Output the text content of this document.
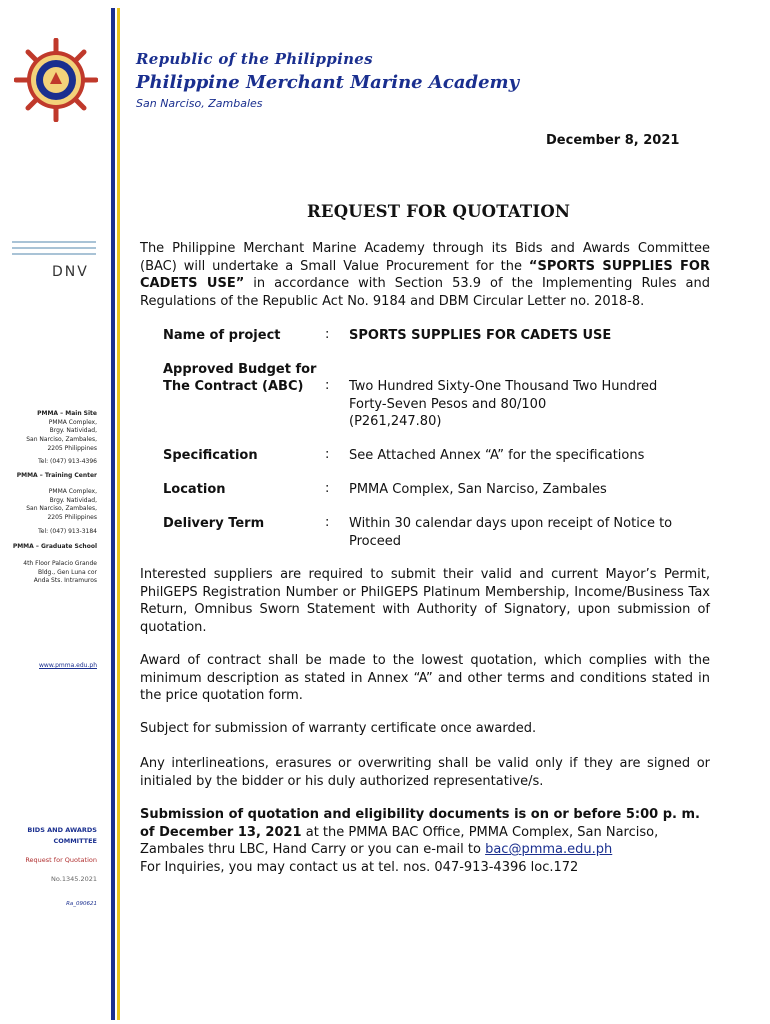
Republic of the Philippines
Philippine Merchant Marine Academy
San Narciso, Zambales
DNV
PMMA – Main Site
PMMA Complex,
Brgy. Natividad,
San Narciso, Zambales,
2205 Philippines
Tel: (047) 913-4396
PMMA – Training Center
PMMA Complex,
Brgy. Natividad,
San Narciso, Zambales,
2205 Philippines
Tel: (047) 913-3184
PMMA – Graduate School
4th Floor Palacio Grande
Bldg., Gen Luna cor
Anda Sts. Intramuros
www.pmma.edu.ph
BIDS AND AWARDS
COMMITTEE
Request for Quotation
No.1345.2021
Ra_090621
December 8, 2021
REQUEST FOR QUOTATION
The Philippine Merchant Marine Academy through its Bids and Awards Committee (BAC) will undertake a Small Value Procurement for the “SPORTS SUPPLIES FOR CADETS USE” in accordance with Section 53.9 of the Implementing Rules and Regulations of the Republic Act No. 9184 and DBM Circular Letter no. 2018-8.
Name of project	: SPORTS SUPPLIES FOR CADETS USE
Approved Budget for
The Contract (ABC) : Two Hundred Sixty-One Thousand Two Hundred
Forty-Seven Pesos and 80/100
(P261,247.80)
Specification	: See Attached Annex “A” for the specifications
Location	: PMMA Complex, San Narciso, Zambales
Delivery Term	: Within 30 calendar days upon receipt of Notice to
Proceed
Interested suppliers are required to submit their valid and current Mayor’s Permit, PhilGEPS Registration Number or PhilGEPS Platinum Membership, Income/Business Tax Return, Omnibus Sworn Statement with Authority of Signatory, upon submission of quotation.
Award of contract shall be made to the lowest quotation, which complies with the minimum description as stated in Annex “A” and other terms and conditions stated in the price quotation form.
Subject for submission of warranty certificate once awarded.
Any interlineations, erasures or overwriting shall be valid only if they are signed or initialed by the bidder or his duly authorized representative/s.
Submission of quotation and eligibility documents is on or before 5:00 p. m. of December 13, 2021 at the PMMA BAC Office, PMMA Complex, San Narciso, Zambales thru LBC, Hand Carry or you can e-mail to bac@pmma.edu.ph
For Inquiries, you may contact us at tel. nos. 047-913-4396 loc.172
